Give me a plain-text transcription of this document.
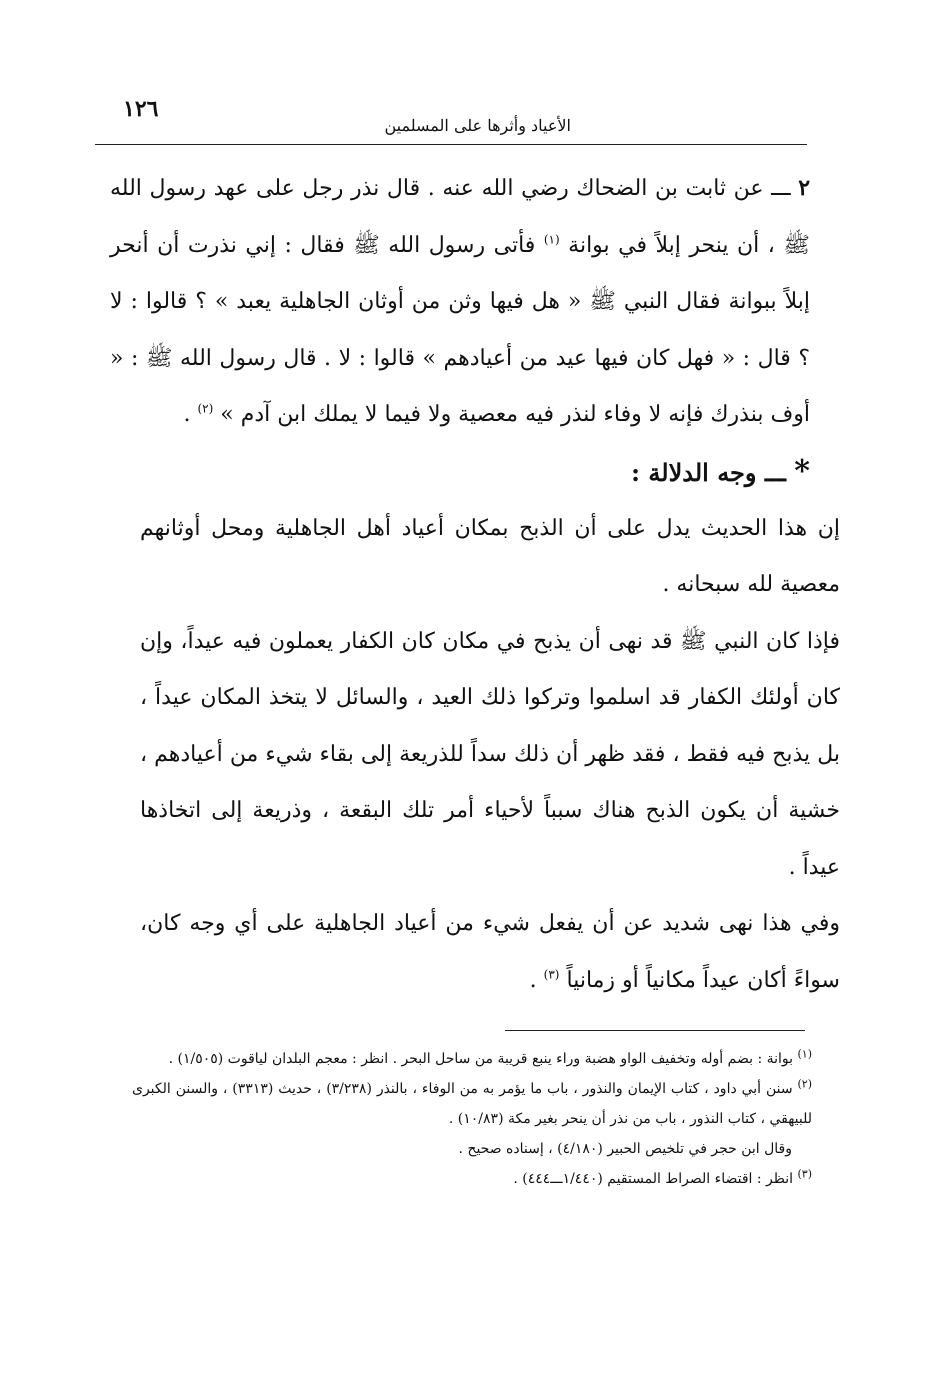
١٢٦
الأعياد وأثرها على المسلمين

٢ ـــ عن ثابت بن الضحاك رضي الله عنه . قال نذر رجل على عهد رسول الله ﷺ ، أن ينحر إبلاً في بوانة $^{(١)}$ فأتى رسول الله ﷺ فقال : إني نذرت أن أنحر إبلاً ببوانة فقال النبي ﷺ « هل فيها وثن من أوثان الجاهلية يعبد » ؟ قالوا : لا ؟ قال : « فهل كان فيها عيد من أعيادهم » قالوا : لا . قال رسول الله ﷺ : « أوف بنذرك فإنه لا وفاء لنذر فيه معصية ولا فيما لا يملك ابن آدم » $^{(٢)}$ .

* ـــ وجه الدلالة :

إن هذا الحديث يدل على أن الذبح بمكان أعياد أهل الجاهلية ومحل أوثانهم معصية لله سبحانه .

فإذا كان النبي ﷺ قد نهى أن يذبح في مكان كان الكفار يعملون فيه عيداً، وإن كان أولئك الكفار قد اسلموا وتركوا ذلك العيد ، والسائل لا يتخذ المكان عيداً ، بل يذبح فيه فقط ، فقد ظهر أن ذلك سداً للذريعة إلى بقاء شيء من أعيادهم ، خشية أن يكون الذبح هناك سبباً لأحياء أمر تلك البقعة ، وذريعة إلى اتخاذها عيداً .

وفي هذا نهى شديد عن أن يفعل شيء من أعياد الجاهلية على أي وجه كان، سواءً أكان عيداً مكانياً أو زمانياً $^{(٣)}$ .

$^{(١)}$ بوانة : بضم أوله وتخفيف الواو هضبة وراء ينبع قريبة من ساحل البحر . انظر : معجم البلدان لياقوت (١/٥٠٥) .

$^{(٢)}$ سنن أبي داود ، كتاب الإيمان والنذور ، باب ما يؤمر به من الوفاء ، بالنذر (٣/٢٣٨) ، حديث (٣٣١٣) ، والسنن الكبرى للبيهقي ، كتاب النذور ، باب من نذر أن ينحر بغير مكة (١٠/٨٣) .

وقال ابن حجر في تلخيص الحبير (٤/١٨٠) ، إسناده صحيح .

$^{(٣)}$ انظر : اقتضاء الصراط المستقيم (١/٤٤٠ـــ٤٤٤) .
